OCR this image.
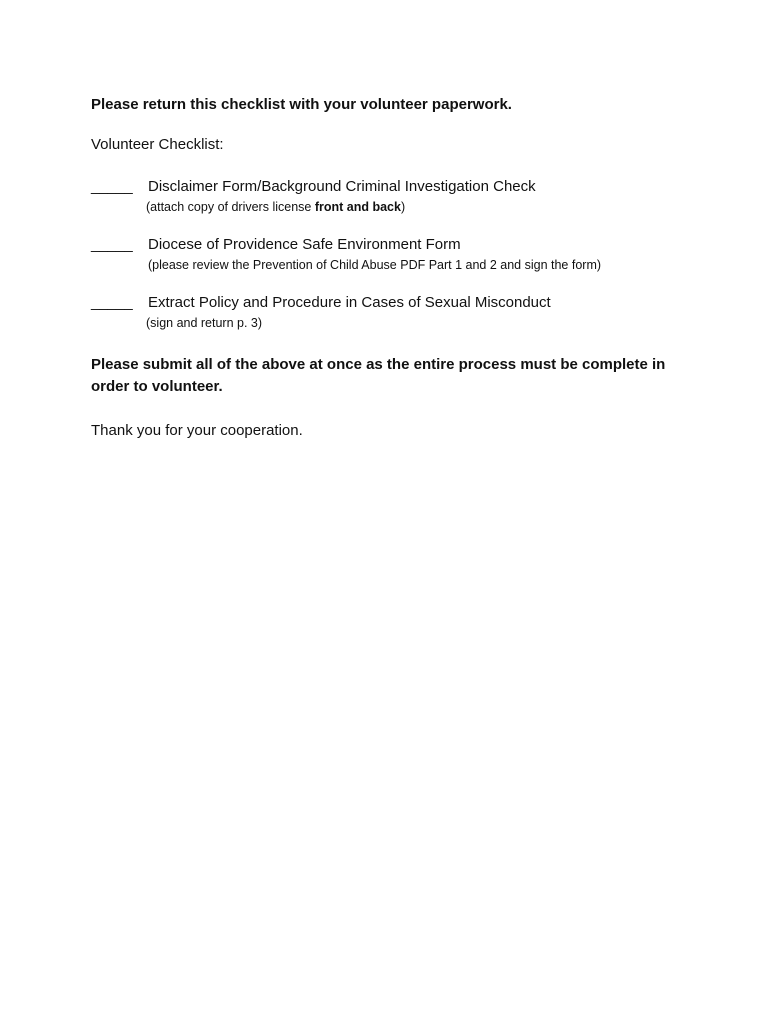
Please return this checklist with your volunteer paperwork.

Volunteer Checklist:

_____	Disclaimer Form/Background Criminal Investigation Check
(attach copy of drivers license front and back)
_____	Diocese of Providence Safe Environment Form
(please review the Prevention of Child Abuse PDF Part 1 and 2 and sign the form)
_____	Extract Policy and Procedure in Cases of Sexual Misconduct
(sign and return p. 3)

Please submit all of the above at once as the entire process must be complete in order to volunteer.

Thank you for your cooperation.
